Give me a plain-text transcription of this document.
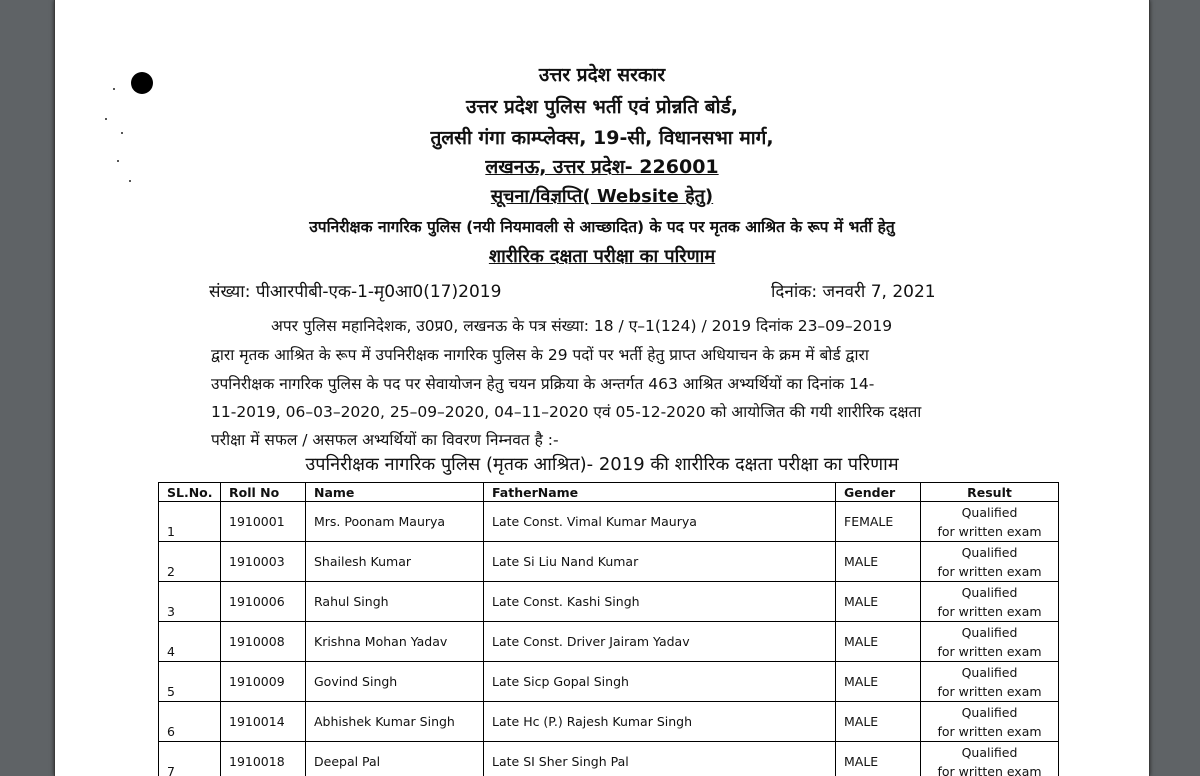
उत्तर प्रदेश सरकार
उत्तर प्रदेश पुलिस भर्ती एवं प्रोन्नति बोर्ड,
तुलसी गंगा काम्प्लेक्स, 19-सी, विधानसभा मार्ग,
लखनऊ, उत्तर प्रदेश- 226001
सूचना/विज्ञप्ति( Website हेतु)
उपनिरीक्षक नागरिक पुलिस (नयी नियमावली से आच्छादित) के पद पर मृतक आश्रित के रूप में भर्ती हेतु
शारीरिक दक्षता परीक्षा का परिणाम
संख्या: पीआरपीबी-एक-1-मृ0आ0(17)2019	दिनांक: जनवरी 7, 2021
अपर पुलिस महानिदेशक, उ0प्र0, लखनऊ के पत्र संख्या: 18 / ए–1(124) / 2019 दिनांक 23–09–2019
द्वारा मृतक आश्रित के रूप में उपनिरीक्षक नागरिक पुलिस के 29 पदों पर भर्ती हेतु प्राप्त अधियाचन के क्रम में बोर्ड द्वारा
उपनिरीक्षक नागरिक पुलिस के पद पर सेवायोजन हेतु चयन प्रक्रिया के अन्तर्गत 463 आश्रित अभ्यर्थियों का दिनांक 14-
11-2019, 06–03–2020, 25–09–2020, 04–11–2020 एवं 05-12-2020 को आयोजित की गयी शारीरिक दक्षता
परीक्षा में सफल / असफल अभ्यर्थियों का विवरण निम्नवत है :-
उपनिरीक्षक नागरिक पुलिस (मृतक आश्रित)- 2019 की शारीरिक दक्षता परीक्षा का परिणाम
SL.No.	Roll No	Name	FatherName	Gender	Result
1	1910001	Mrs. Poonam Maurya	Late Const. Vimal Kumar Maurya	FEMALE	Qualified
for written exam

2	1910003	Shailesh Kumar	Late Si Liu Nand Kumar	MALE	Qualified
for written exam

3	1910006	Rahul Singh	Late Const. Kashi Singh	MALE	Qualified
for written exam

4	1910008	Krishna Mohan Yadav	Late Const. Driver Jairam Yadav	MALE	Qualified
for written exam

5	1910009	Govind Singh	Late Sicp Gopal Singh	MALE	Qualified
for written exam

6	1910014	Abhishek Kumar Singh	Late Hc (P.) Rajesh Kumar Singh	MALE	Qualified
for written exam

7	1910018	Deepal Pal	Late SI Sher Singh Pal	MALE	Qualified
for written exam
